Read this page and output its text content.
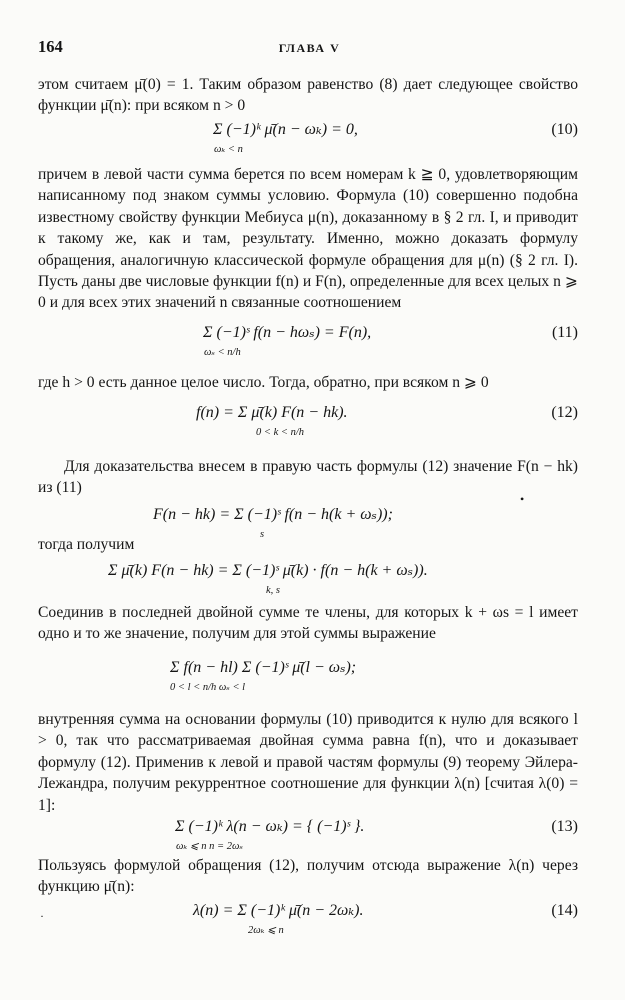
164	ГЛАВА V

этом считаем μ̄(0) = 1. Таким образом равенство (8) дает следующее свойство функции μ̄(n): при всяком n > 0

Σ (−1)ᵏ μ̄(n − ωₖ) = 0,
ωₖ < n
(10)

причем в левой части сумма берется по всем номерам k ≧ 0, удовлетворяющим написанному под знаком суммы условию. Формула (10) совершенно подобна известному свойству функции Мебиуса μ(n), доказанному в § 2 гл. I, и приводит к такому же, как и там, результату. Именно, можно доказать формулу обращения, аналогичную классической формуле обращения для μ(n) (§ 2 гл. I). Пусть даны две числовые функции f(n) и F(n), определенные для всех целых n ⩾ 0 и для всех этих значений n связанные соотношением

Σ (−1)ˢ f(n − hωₛ) = F(n),
ωₛ < n/h
(11)

где h > 0 есть данное целое число. Тогда, обратно, при всяком n ⩾ 0

f(n) = Σ μ̄(k) F(n − hk).
0 < k < n/h
(12)

Для доказательства внесем в правую часть формулы (12) значение F(n − hk) из (11)

•
F(n − hk) = Σ (−1)ˢ f(n − h(k + ωₛ));
s

тогда получим

Σ μ̄(k) F(n − hk) = Σ (−1)ˢ μ̄(k) · f(n − h(k + ωₛ)).
k, s

Соединив в последней двойной сумме те члены, для которых k + ωs = l имеет одно и то же значение, получим для этой суммы выражение

Σ f(n − hl) Σ (−1)ˢ μ̄(l − ωₛ);
0 < l < n/h ωₛ < l

внутренняя сумма на основании формулы (10) приводится к нулю для всякого l > 0, так что рассматриваемая двойная сумма равна f(n), что и доказывает формулу (12). Применив к левой и правой частям формулы (9) теорему Эйлера-Лежандра, получим рекуррентное соотношение для функции λ(n) [считая λ(0) = 1]:

Σ (−1)ᵏ λ(n − ωₖ) = { (−1)ˢ }.
ωₖ ⩽ n n = 2ωₛ
(13)

Пользуясь формулой обращения (12), получим отсюда выражение λ(n) через функцию μ̄(n):

·	λ(n) = Σ (−1)ᵏ μ̄(n − 2ωₖ).
2ωₖ ⩽ n
(14)
